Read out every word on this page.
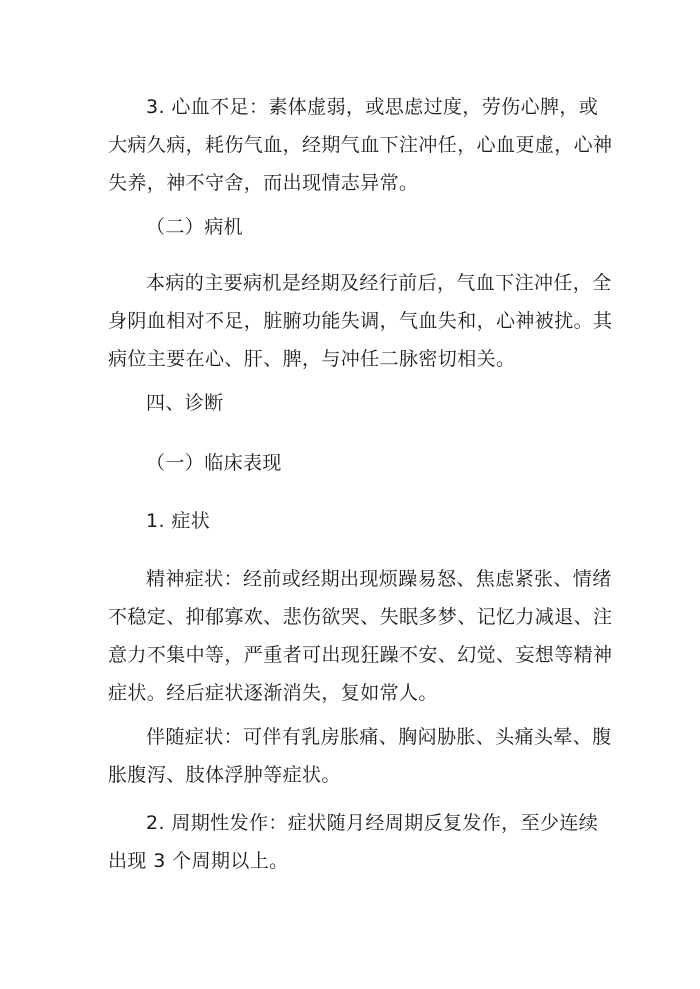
3. 心血不足：素体虚弱，或思虑过度，劳伤心脾，或
大病久病，耗伤气血，经期气血下注冲任，心血更虚，心神
失养，神不守舍，而出现情志异常。

（二）病机

本病的主要病机是经期及经行前后，气血下注冲任，全
身阴血相对不足，脏腑功能失调，气血失和，心神被扰。其
病位主要在心、肝、脾，与冲任二脉密切相关。

四、诊断

（一）临床表现

1. 症状

精神症状：经前或经期出现烦躁易怒、焦虑紧张、情绪
不稳定、抑郁寡欢、悲伤欲哭、失眠多梦、记忆力减退、注
意力不集中等，严重者可出现狂躁不安、幻觉、妄想等精神
症状。经后症状逐渐消失，复如常人。

伴随症状：可伴有乳房胀痛、胸闷胁胀、头痛头晕、腹
胀腹泻、肢体浮肿等症状。

2. 周期性发作：症状随月经周期反复发作，至少连续
出现 3 个周期以上。
